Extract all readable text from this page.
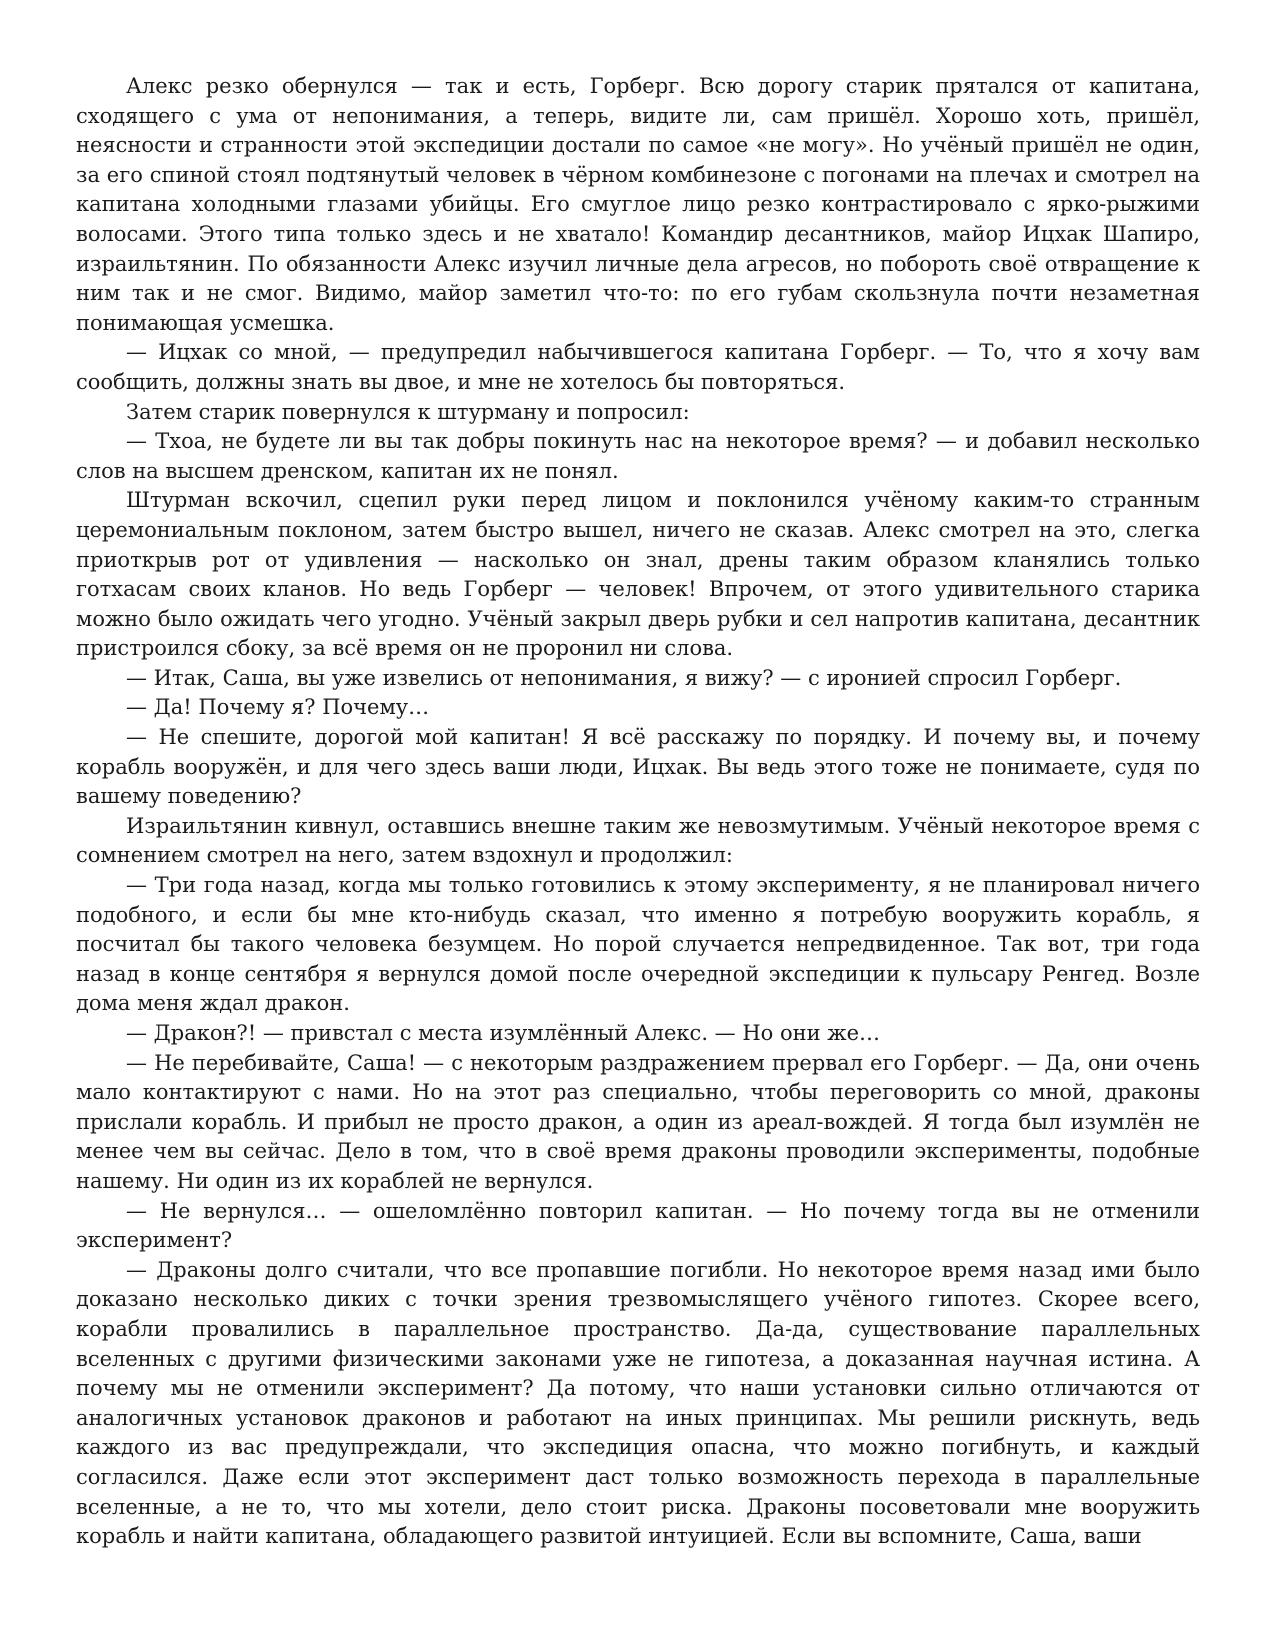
Алекс резко обернулся — так и есть, Горберг. Всю дорогу старик прятался от капитана, сходящего с ума от непонимания, а теперь, видите ли, сам пришёл. Хорошо хоть, пришёл, неясности и странности этой экспедиции достали по самое «не могу». Но учёный пришёл не один, за его спиной стоял подтянутый человек в чёрном комбинезоне с погонами на плечах и смотрел на капитана холодными глазами убийцы. Его смуглое лицо резко контрастировало с ярко-рыжими волосами. Этого типа только здесь и не хватало! Командир десантников, майор Ицхак Шапиро, израильтянин. По обязанности Алекс изучил личные дела агресов, но побороть своё отвращение к ним так и не смог. Видимо, майор заметил что-то: по его губам скользнула почти незаметная понимающая усмешка.

— Ицхак со мной, — предупредил набычившегося капитана Горберг. — То, что я хочу вам сообщить, должны знать вы двое, и мне не хотелось бы повторяться.

Затем старик повернулся к штурману и попросил:

— Тхоа, не будете ли вы так добры покинуть нас на некоторое время? — и добавил несколько слов на высшем дренском, капитан их не понял.

Штурман вскочил, сцепил руки перед лицом и поклонился учёному каким-то странным церемониальным поклоном, затем быстро вышел, ничего не сказав. Алекс смотрел на это, слегка приоткрыв рот от удивления — насколько он знал, дрены таким образом кланялись только готхасам своих кланов. Но ведь Горберг — человек! Впрочем, от этого удивительного старика можно было ожидать чего угодно. Учёный закрыл дверь рубки и сел напротив капитана, десантник пристроился сбоку, за всё время он не проронил ни слова.

— Итак, Саша, вы уже извелись от непонимания, я вижу? — с иронией спросил Горберг.

— Да! Почему я? Почему…

— Не спешите, дорогой мой капитан! Я всё расскажу по порядку. И почему вы, и почему корабль вооружён, и для чего здесь ваши люди, Ицхак. Вы ведь этого тоже не понимаете, судя по вашему поведению?

Израильтянин кивнул, оставшись внешне таким же невозмутимым. Учёный некоторое время с сомнением смотрел на него, затем вздохнул и продолжил:

— Три года назад, когда мы только готовились к этому эксперименту, я не планировал ничего подобного, и если бы мне кто-нибудь сказал, что именно я потребую вооружить корабль, я посчитал бы такого человека безумцем. Но порой случается непредвиденное. Так вот, три года назад в конце сентября я вернулся домой после очередной экспедиции к пульсару Ренгед. Возле дома меня ждал дракон.

— Дракон?! — привстал с места изумлённый Алекс. — Но они же…

— Не перебивайте, Саша! — с некоторым раздражением прервал его Горберг. — Да, они очень мало контактируют с нами. Но на этот раз специально, чтобы переговорить со мной, драконы прислали корабль. И прибыл не просто дракон, а один из ареал-вождей. Я тогда был изумлён не менее чем вы сейчас. Дело в том, что в своё время драконы проводили эксперименты, подобные нашему. Ни один из их кораблей не вернулся.

— Не вернулся… — ошеломлённо повторил капитан. — Но почему тогда вы не отменили эксперимент?

— Драконы долго считали, что все пропавшие погибли. Но некоторое время назад ими было доказано несколько диких с точки зрения трезвомыслящего учёного гипотез. Скорее всего, корабли провалились в параллельное пространство. Да-да, существование параллельных вселенных с другими физическими законами уже не гипотеза, а доказанная научная истина. А почему мы не отменили эксперимент? Да потому, что наши установки сильно отличаются от аналогичных установок драконов и работают на иных принципах. Мы решили рискнуть, ведь каждого из вас предупреждали, что экспедиция опасна, что можно погибнуть, и каждый согласился. Даже если этот эксперимент даст только возможность перехода в параллельные вселенные, а не то, что мы хотели, дело стоит риска. Драконы посоветовали мне вооружить корабль и найти капитана, обладающего развитой интуицией. Если вы вспомните, Саша, ваши
